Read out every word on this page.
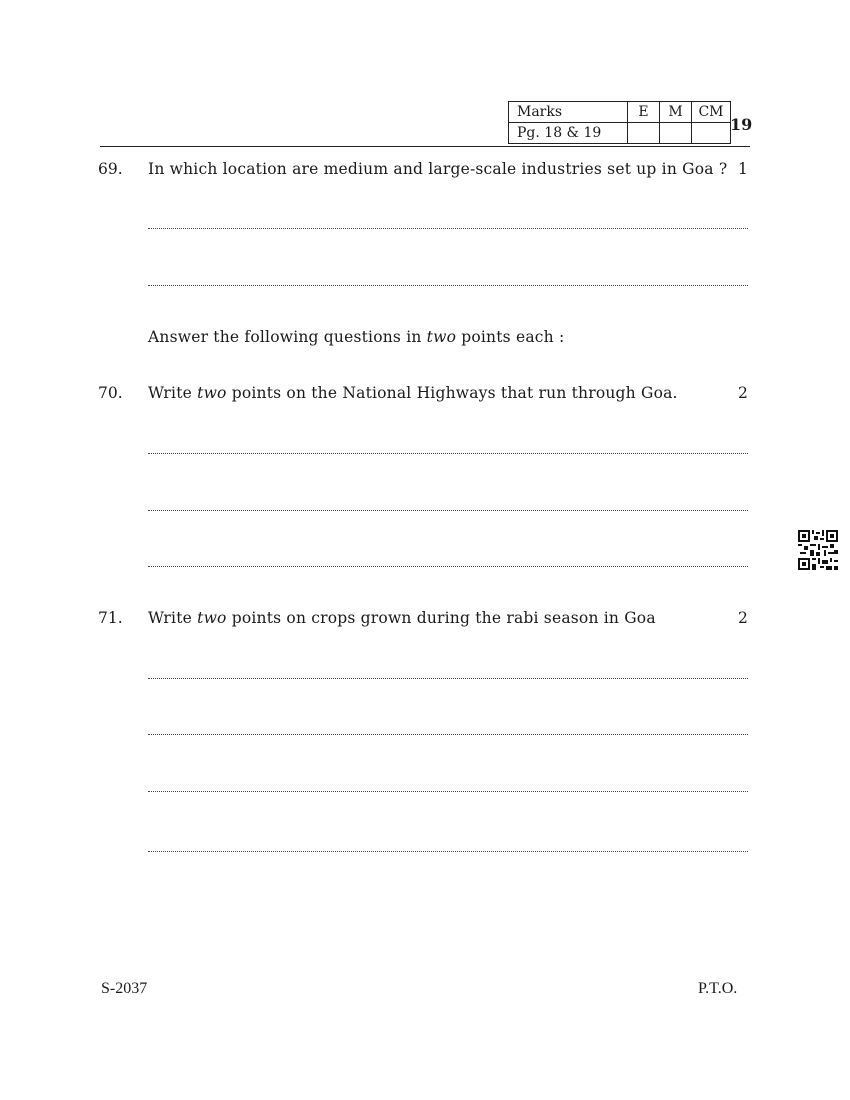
Marks	E	M	CM
Pg. 18 & 19				19
69. In which location are medium and large-scale industries set up in Goa ? 1
Answer the following questions in two points each :
70. Write two points on the National Highways that run through Goa.	2
71. Write two points on crops grown during the rabi season in Goa	2
S-2037	P.T.O.
